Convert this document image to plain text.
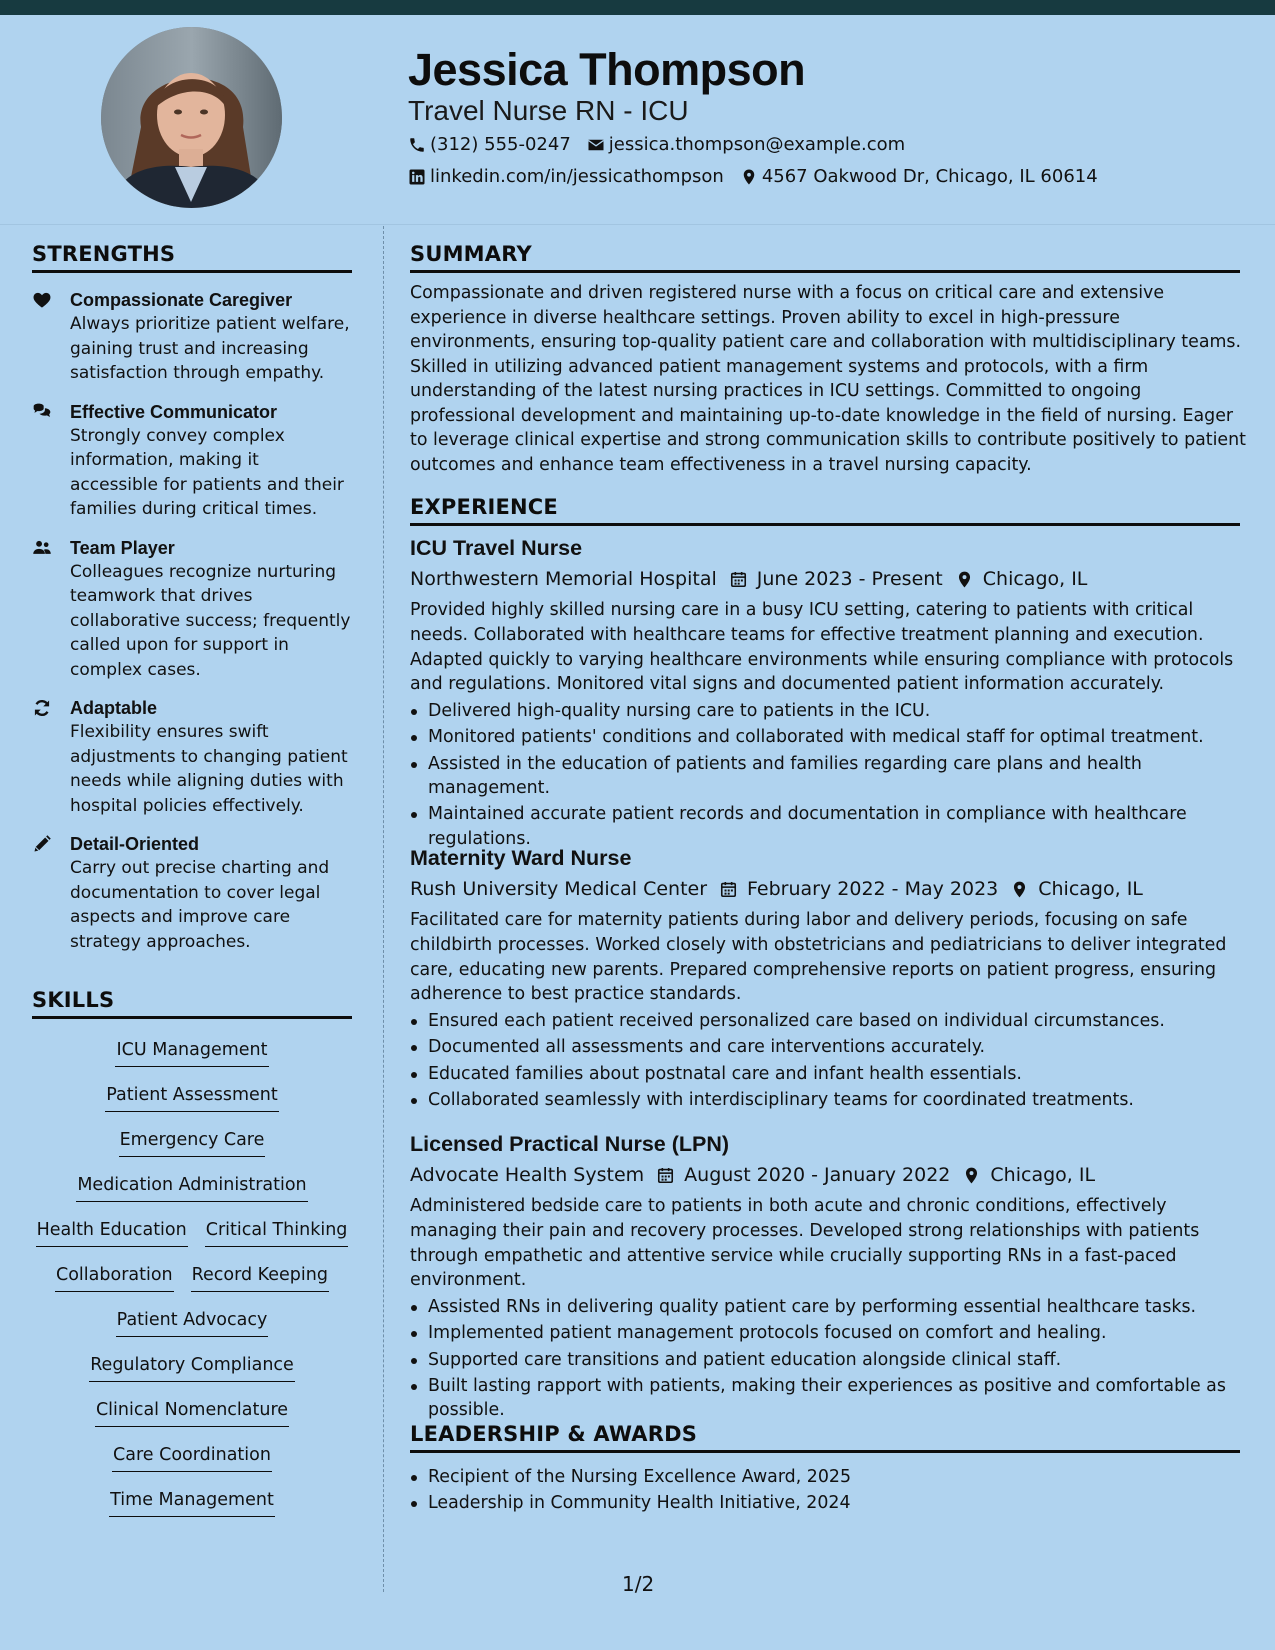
Jessica Thompson
Travel Nurse RN - ICU
(312) 555-0247 jessica.thompson@example.com
linkedin.com/in/jessicathompson 4567 Oakwood Dr, Chicago, IL 60614
STRENGTHS
Compassionate Caregiver
Always prioritize patient welfare, gaining trust and increasing satisfaction through empathy.
Effective Communicator
Strongly convey complex information, making it accessible for patients and their families during critical times.
Team Player
Colleagues recognize nurturing teamwork that drives collaborative success; frequently called upon for support in complex cases.
Adaptable
Flexibility ensures swift adjustments to changing patient needs while aligning duties with hospital policies effectively.
Detail-Oriented
Carry out precise charting and documentation to cover legal aspects and improve care strategy approaches.
SKILLS
ICU Management
Patient Assessment
Emergency Care
Medication Administration
Health Education Critical Thinking
Collaboration Record Keeping
Patient Advocacy
Regulatory Compliance
Clinical Nomenclature
Care Coordination
Time Management
SUMMARY
Compassionate and driven registered nurse with a focus on critical care and extensive experience in diverse healthcare settings. Proven ability to excel in high-pressure environments, ensuring top-quality patient care and collaboration with multidisciplinary teams. Skilled in utilizing advanced patient management systems and protocols, with a firm understanding of the latest nursing practices in ICU settings. Committed to ongoing professional development and maintaining up-to-date knowledge in the field of nursing. Eager to leverage clinical expertise and strong communication skills to contribute positively to patient outcomes and enhance team effectiveness in a travel nursing capacity.
EXPERIENCE
ICU Travel Nurse
Northwestern Memorial Hospital June 2023 - Present Chicago, IL
Provided highly skilled nursing care in a busy ICU setting, catering to patients with critical needs. Collaborated with healthcare teams for effective treatment planning and execution. Adapted quickly to varying healthcare environments while ensuring compliance with protocols and regulations. Monitored vital signs and documented patient information accurately.
Delivered high-quality nursing care to patients in the ICU.
Monitored patients' conditions and collaborated with medical staff for optimal treatment.
Assisted in the education of patients and families regarding care plans and health management.
Maintained accurate patient records and documentation in compliance with healthcare regulations.
Maternity Ward Nurse
Rush University Medical Center February 2022 - May 2023 Chicago, IL
Facilitated care for maternity patients during labor and delivery periods, focusing on safe childbirth processes. Worked closely with obstetricians and pediatricians to deliver integrated care, educating new parents. Prepared comprehensive reports on patient progress, ensuring adherence to best practice standards.
Ensured each patient received personalized care based on individual circumstances.
Documented all assessments and care interventions accurately.
Educated families about postnatal care and infant health essentials.
Collaborated seamlessly with interdisciplinary teams for coordinated treatments.
Licensed Practical Nurse (LPN)
Advocate Health System August 2020 - January 2022 Chicago, IL
Administered bedside care to patients in both acute and chronic conditions, effectively managing their pain and recovery processes. Developed strong relationships with patients through empathetic and attentive service while crucially supporting RNs in a fast-paced environment.
Assisted RNs in delivering quality patient care by performing essential healthcare tasks.
Implemented patient management protocols focused on comfort and healing.
Supported care transitions and patient education alongside clinical staff.
Built lasting rapport with patients, making their experiences as positive and comfortable as possible.
LEADERSHIP & AWARDS
Recipient of the Nursing Excellence Award, 2025
Leadership in Community Health Initiative, 2024
1/2
